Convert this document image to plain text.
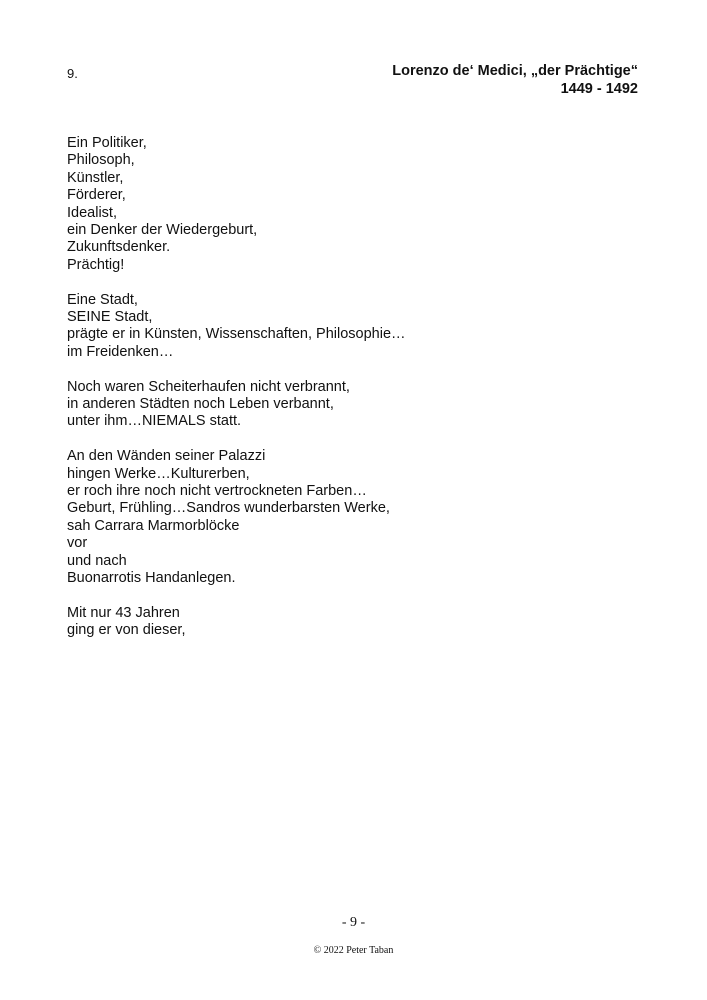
9.	Lorenzo de‘ Medici, „der Prächtige“
1449 - 1492
Ein Politiker,
Philosoph,
Künstler,
Förderer,
Idealist,
ein Denker der Wiedergeburt,
Zukunftsdenker.
Prächtig!
Eine Stadt,
SEINE Stadt,
prägte er in Künsten, Wissenschaften, Philosophie…
im Freidenken…
Noch waren Scheiterhaufen nicht verbrannt,
in anderen Städten noch Leben verbannt,
unter ihm…NIEMALS statt.
An den Wänden seiner Palazzi
hingen Werke…Kulturerben,
er roch ihre noch nicht vertrockneten Farben…
Geburt, Frühling…Sandros wunderbarsten Werke,
sah Carrara Marmorblöcke
vor
und nach
Buonarrotis Handanlegen.
Mit nur 43 Jahren
ging er von dieser,
- 9 -
© 2022 Peter Taban
